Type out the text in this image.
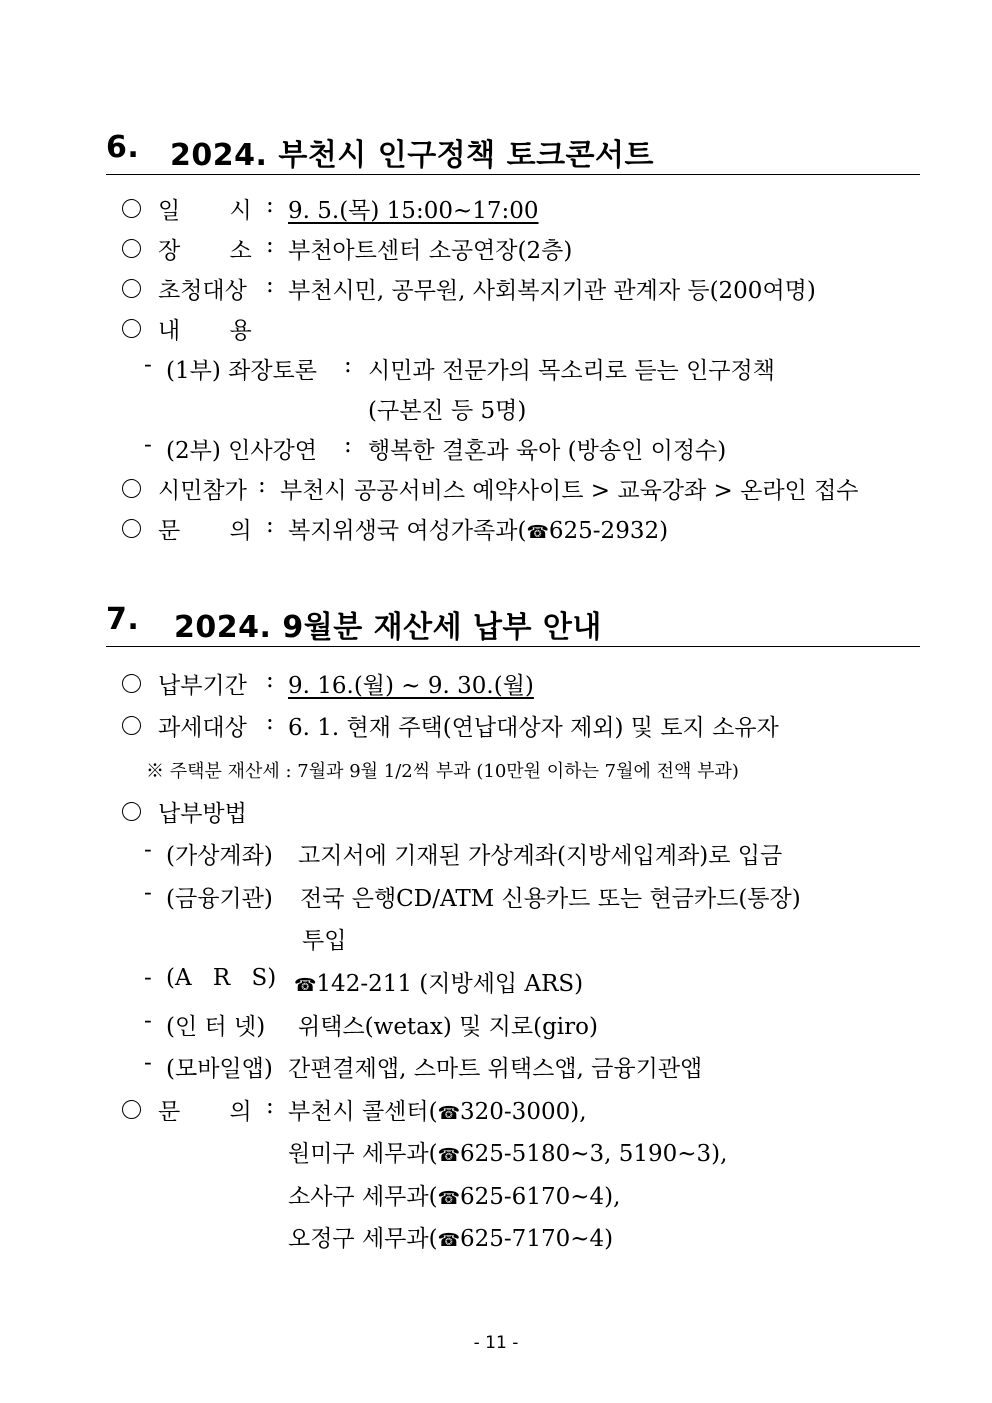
6. 2024. 부천시 인구정책 토크콘서트
일 시 : 9. 5.(목) 15:00~17:00
장 소 : 부천아트센터 소공연장(2층)
초청대상 : 부천시민, 공무원, 사회복지기관 관계자 등(200여명)
내 용
- (1부) 좌장토론 : 시민과 전문가의 목소리로 듣는 인구정책
(구본진 등 5명)
- (2부) 인사강연 : 행복한 결혼과 육아 (방송인 이정수)
시민참가 : 부천시 공공서비스 예약사이트 > 교육강좌 > 온라인 접수
문 의 : 복지위생국 여성가족과(☎625-2932)
7. 2024. 9월분 재산세 납부 안내
납부기간 : 9. 16.(월) ~ 9. 30.(월)
과세대상 : 6. 1. 현재 주택(연납대상자 제외) 및 토지 소유자
※ 주택분 재산세 : 7월과 9월 1/2씩 부과 (10만원 이하는 7월에 전액 부과)
납부방법
- (가상계좌) 고지서에 기재된 가상계좌(지방세입계좌)로 입금
- (금융기관) 전국 은행CD/ATM 신용카드 또는 현금카드(통장)
투입
- (A R S) ☎142-211 (지방세입 ARS)
- (인 터 넷) 위택스(wetax) 및 지로(giro)
- (모바일앱) 간편결제앱, 스마트 위택스앱, 금융기관앱
문 의 : 부천시 콜센터(☎320-3000),
원미구 세무과(☎625-5180~3, 5190~3),
소사구 세무과(☎625-6170~4),
오정구 세무과(☎625-7170~4)
- 11 -
